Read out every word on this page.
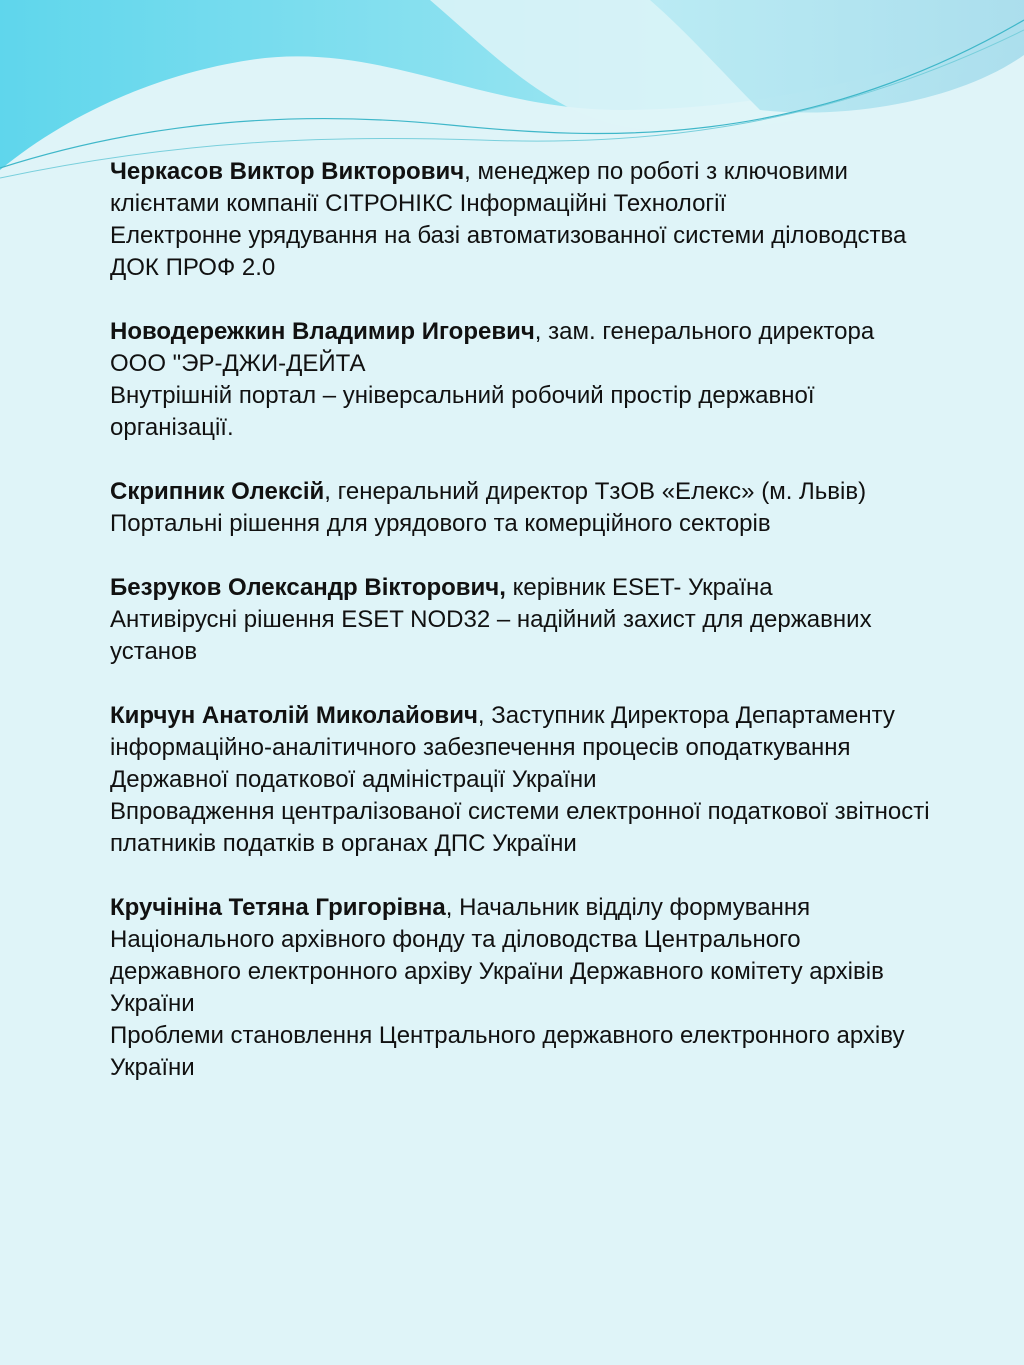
Черкасов Виктор Викторович, менеджер по роботі з ключовими клієнтами компанії СІТРОНІКС Інформаційні Технології
Електронне урядування на базі автоматизованної системи діловодства ДОК ПРОФ 2.0
Новодережкин Владимир Игоревич, зам. генерального директора ООО "ЭР-ДЖИ-ДЕЙТА
Внутрішній портал – універсальний робочий простір державної організації.
Скрипник Олексій, генеральний директор ТзОВ «Елекс» (м. Львів)
Портальні рішення для урядового та комерційного секторів
Безруков Олександр Вікторович, керівник ESET- Україна
Антивірусні рішення ESET NOD32 – надійний захист для державних установ
Кирчун Анатолій Миколайович, Заступник Директора Департаменту інформаційно-аналітичного забезпечення процесів оподаткування Державної податкової адміністрації України
Впровадження централізованої системи електронної податкової звітності платників податків в органах ДПС України
Кручініна Тетяна Григорівна, Начальник відділу формування Національного архівного фонду та діловодства Центрального державного електронного архіву України Державного комітету архівів України
Проблеми становлення Центрального державного електронного архіву України
